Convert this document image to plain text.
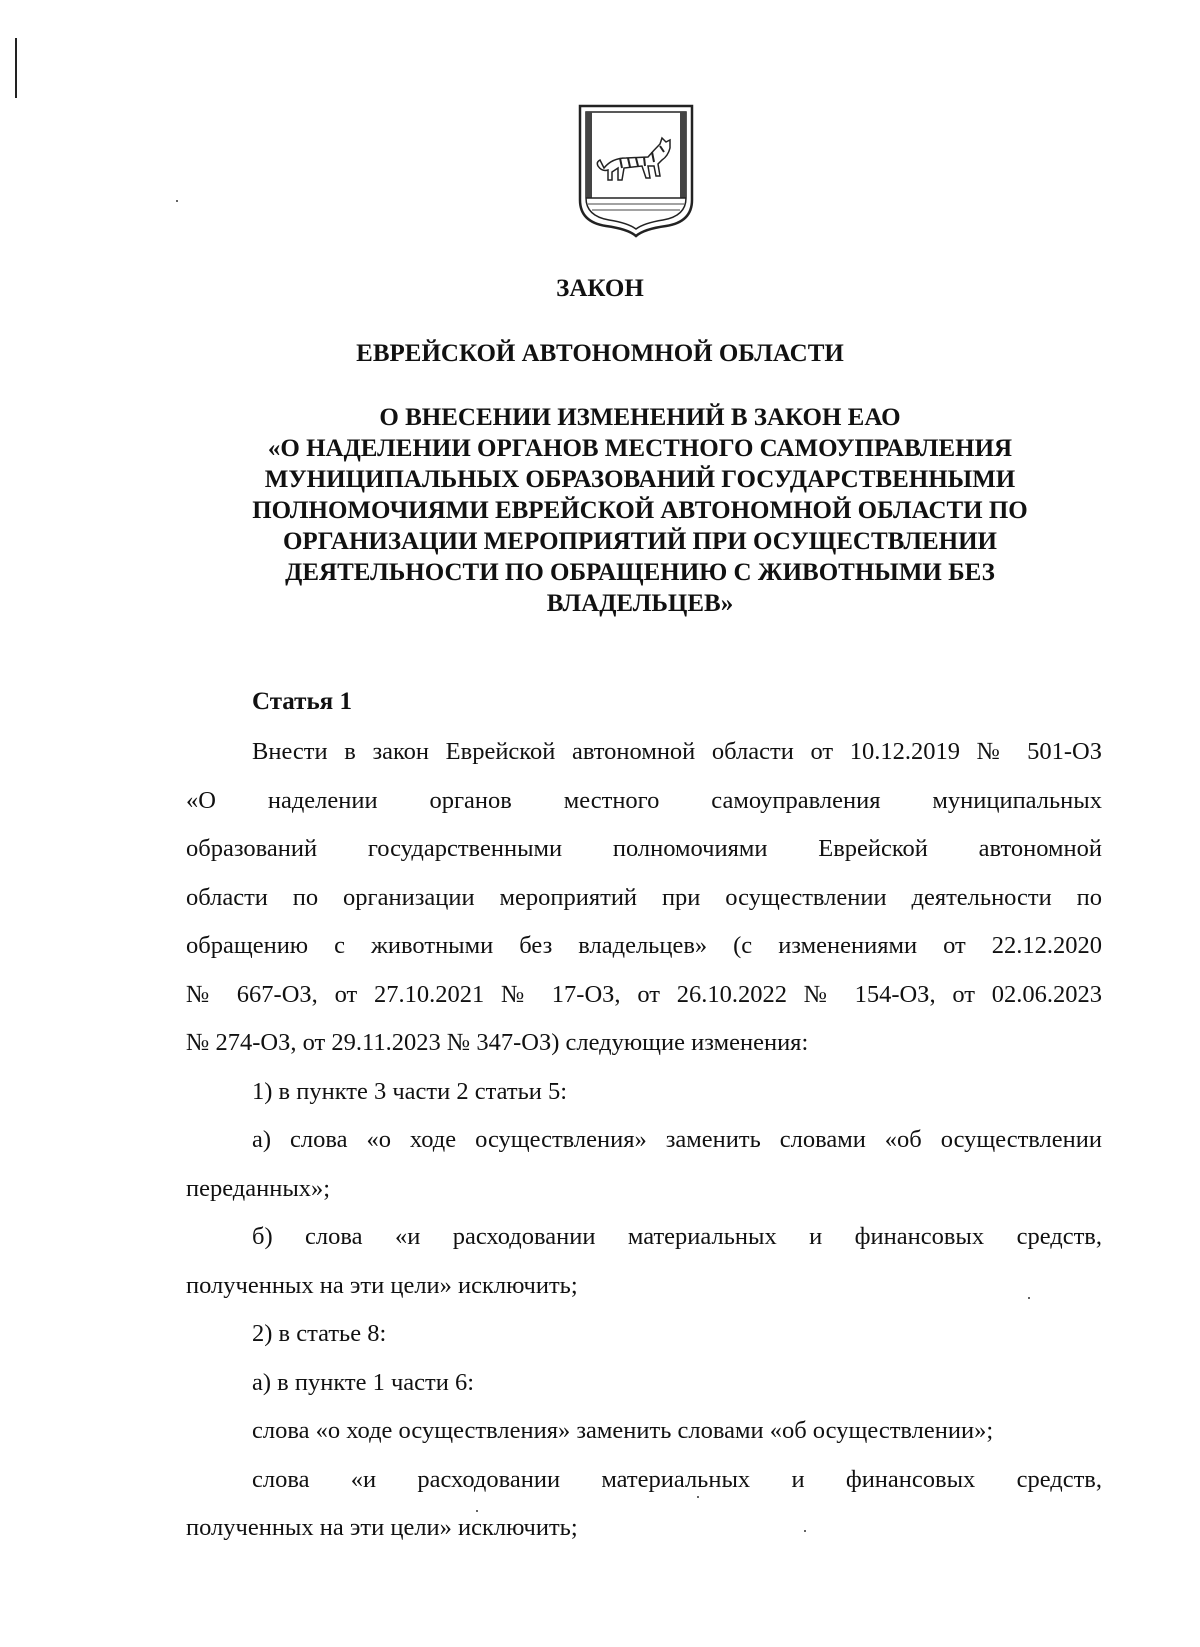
ЗАКОН
ЕВРЕЙСКОЙ АВТОНОМНОЙ ОБЛАСТИ
О ВНЕСЕНИИ ИЗМЕНЕНИЙ В ЗАКОН ЕАО
«О НАДЕЛЕНИИ ОРГАНОВ МЕСТНОГО САМОУПРАВЛЕНИЯ
МУНИЦИПАЛЬНЫХ ОБРАЗОВАНИЙ ГОСУДАРСТВЕННЫМИ
ПОЛНОМОЧИЯМИ ЕВРЕЙСКОЙ АВТОНОМНОЙ ОБЛАСТИ ПО
ОРГАНИЗАЦИИ МЕРОПРИЯТИЙ ПРИ ОСУЩЕСТВЛЕНИИ
ДЕЯТЕЛЬНОСТИ ПО ОБРАЩЕНИЮ С ЖИВОТНЫМИ БЕЗ
ВЛАДЕЛЬЦЕВ»
Статья 1
Внести в закон Еврейской автономной области от 10.12.2019 № 501-ОЗ
«О наделении органов местного самоуправления муниципальных
образований государственными полномочиями Еврейской автономной
области по организации мероприятий при осуществлении деятельности по
обращению с животными без владельцев» (с изменениями от 22.12.2020
№ 667-ОЗ, от 27.10.2021 № 17-ОЗ, от 26.10.2022 № 154-ОЗ, от 02.06.2023
№ 274-ОЗ, от 29.11.2023 № 347-ОЗ) следующие изменения:
1) в пункте 3 части 2 статьи 5:
а) слова «о ходе осуществления» заменить словами «об осуществлении
переданных»;
б) слова «и расходовании материальных и финансовых средств,
полученных на эти цели» исключить;
2) в статье 8:
а) в пункте 1 части 6:
слова «о ходе осуществления» заменить словами «об осуществлении»;
слова «и расходовании материальных и финансовых средств,
полученных на эти цели» исключить;
